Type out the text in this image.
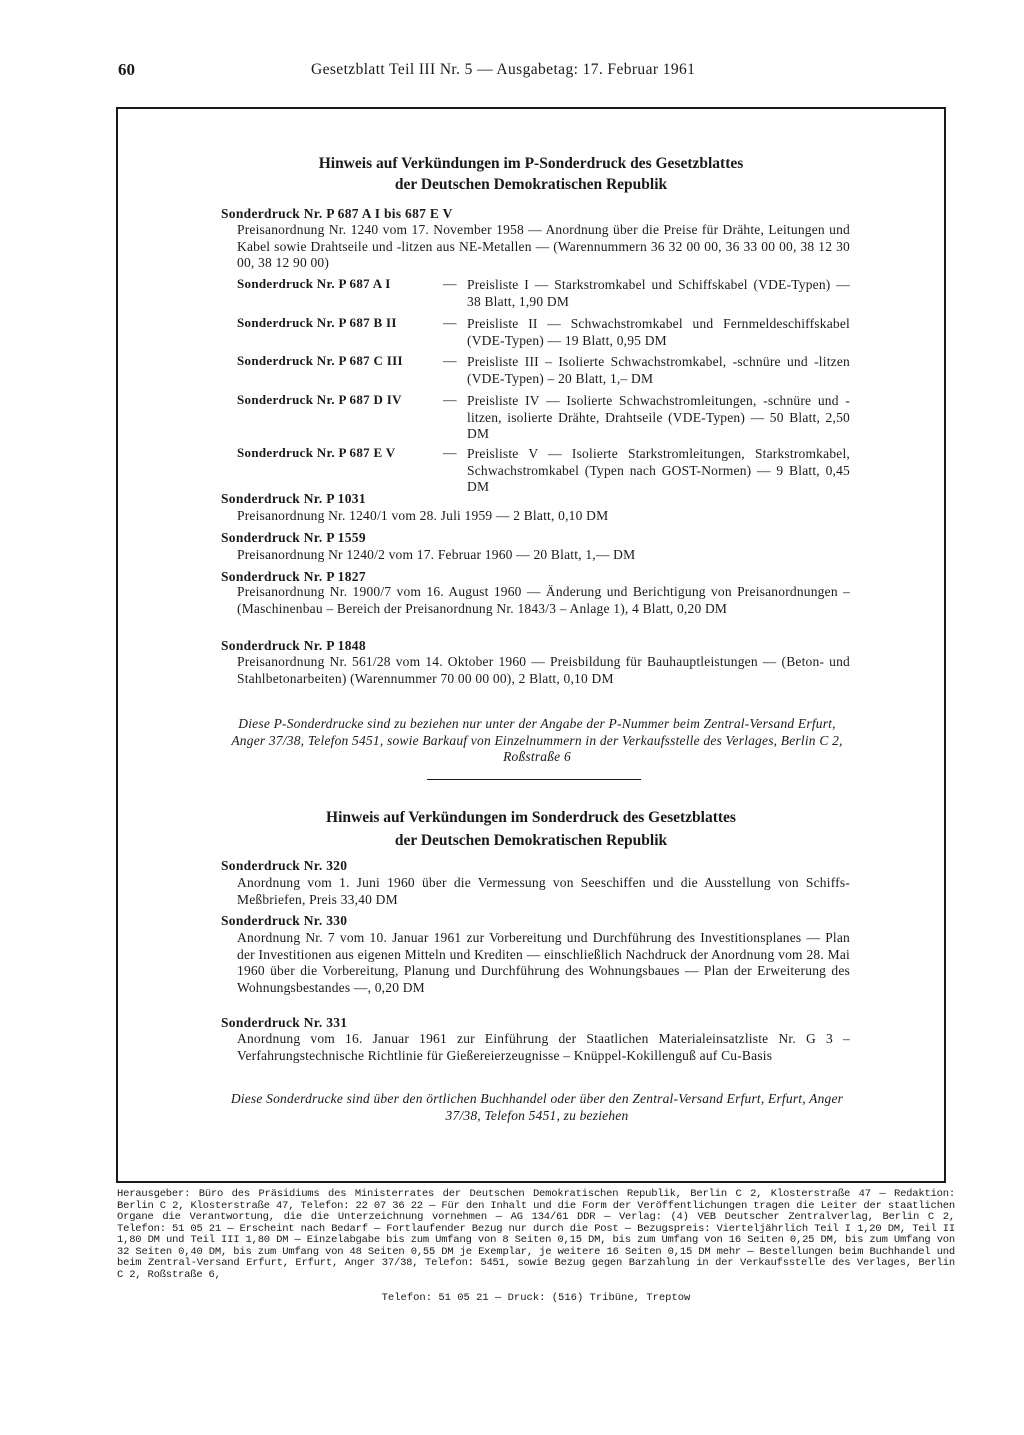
60	Gesetzblatt Teil III Nr. 5 — Ausgabetag: 17. Februar 1961
Hinweis auf Verkündungen im P-Sonderdruck des Gesetzblattes
der Deutschen Demokratischen Republik
Sonderdruck Nr. P 687 A I bis 687 E V
Preisanordnung Nr. 1240 vom 17. November 1958 — Anordnung über die Preise für Drähte, Leitungen und Kabel sowie Drahtseile und -litzen aus NE-Metallen — (Warennummern 36 32 00 00, 36 33 00 00, 38 12 30 00, 38 12 90 00)
Sonderdruck Nr. P 687 A I	— Preisliste I — Starkstromkabel und Schiffskabel (VDE-Typen) — 38 Blatt, 1,90 DM
Sonderdruck Nr. P 687 B II	— Preisliste II — Schwachstromkabel und Fernmeldeschiffskabel (VDE-Typen) — 19 Blatt, 0,95 DM
Sonderdruck Nr. P 687 C III	— Preisliste III – Isolierte Schwachstromkabel, -schnüre und -litzen (VDE-Typen) – 20 Blatt, 1,– DM
Sonderdruck Nr. P 687 D IV	— Preisliste IV — Isolierte Schwachstromleitungen, -schnüre und -litzen, isolierte Drähte, Drahtseile (VDE-Typen) — 50 Blatt, 2,50 DM
Sonderdruck Nr. P 687 E V	— Preisliste V — Isolierte Starkstromleitungen, Starkstromkabel, Schwachstromkabel (Typen nach GOST-Normen) — 9 Blatt, 0,45 DM
Sonderdruck Nr. P 1031
Preisanordnung Nr. 1240/1 vom 28. Juli 1959 — 2 Blatt, 0,10 DM
Sonderdruck Nr. P 1559
Preisanordnung Nr 1240/2 vom 17. Februar 1960 — 20 Blatt, 1,— DM
Sonderdruck Nr. P 1827
Preisanordnung Nr. 1900/7 vom 16. August 1960 — Änderung und Berichtigung von Preisanordnungen – (Maschinenbau – Bereich der Preisanordnung Nr. 1843/3 – Anlage 1), 4 Blatt, 0,20 DM
Sonderdruck Nr. P 1848
Preisanordnung Nr. 561/28 vom 14. Oktober 1960 — Preisbildung für Bauhauptleistungen — (Beton- und Stahlbetonarbeiten) (Warennummer 70 00 00 00), 2 Blatt, 0,10 DM
Diese P-Sonderdrucke sind zu beziehen nur unter der Angabe der P-Nummer beim Zentral-Versand Erfurt, Anger 37/38, Telefon 5451, sowie Barkauf von Einzelnummern in der Verkaufsstelle des Verlages, Berlin C 2, Roßstraße 6
Hinweis auf Verkündungen im Sonderdruck des Gesetzblattes
der Deutschen Demokratischen Republik
Sonderdruck Nr. 320
Anordnung vom 1. Juni 1960 über die Vermessung von Seeschiffen und die Ausstellung von Schiffs-Meßbriefen, Preis 33,40 DM
Sonderdruck Nr. 330
Anordnung Nr. 7 vom 10. Januar 1961 zur Vorbereitung und Durchführung des Investitionsplanes — Plan der Investitionen aus eigenen Mitteln und Krediten — einschließlich Nachdruck der Anordnung vom 28. Mai 1960 über die Vorbereitung, Planung und Durchführung des Wohnungsbaues — Plan der Erweiterung des Wohnungsbestandes —, 0,20 DM
Sonderdruck Nr. 331
Anordnung vom 16. Januar 1961 zur Einführung der Staatlichen Materialeinsatzliste Nr. G 3 – Verfahrungstechnische Richtlinie für Gießereierzeugnisse – Knüppel-Kokillenguß auf Cu-Basis
Diese Sonderdrucke sind über den örtlichen Buchhandel oder über den Zentral-Versand Erfurt, Erfurt, Anger 37/38, Telefon 5451, zu beziehen
Herausgeber: Büro des Präsidiums des Ministerrates der Deutschen Demokratischen Republik, Berlin C 2, Klosterstraße 47 — Redaktion: Berlin C 2, Klosterstraße 47, Telefon: 22 07 36 22 — Für den Inhalt und die Form der Veröffentlichungen tragen die Leiter der staatlichen Organe die Verantwortung, die die Unterzeichnung vornehmen — AG 134/61 DDR — Verlag: (4) VEB Deutscher Zentralverlag, Berlin C 2, Telefon: 51 05 21 — Erscheint nach Bedarf — Fortlaufender Bezug nur durch die Post — Bezugspreis: Vierteljährlich Teil I 1,20 DM, Teil II 1,80 DM und Teil III 1,80 DM — Einzelabgabe bis zum Umfang von 8 Seiten 0,15 DM, bis zum Umfang von 16 Seiten 0,25 DM, bis zum Umfang von 32 Seiten 0,40 DM, bis zum Umfang von 48 Seiten 0,55 DM je Exemplar, je weitere 16 Seiten 0,15 DM mehr — Bestellungen beim Buchhandel und beim Zentral-Versand Erfurt, Erfurt, Anger 37/38, Telefon: 5451, sowie Bezug gegen Barzahlung in der Verkaufsstelle des Verlages, Berlin C 2, Roßstraße 6,
Telefon: 51 05 21 — Druck: (516) Tribüne, Treptow
